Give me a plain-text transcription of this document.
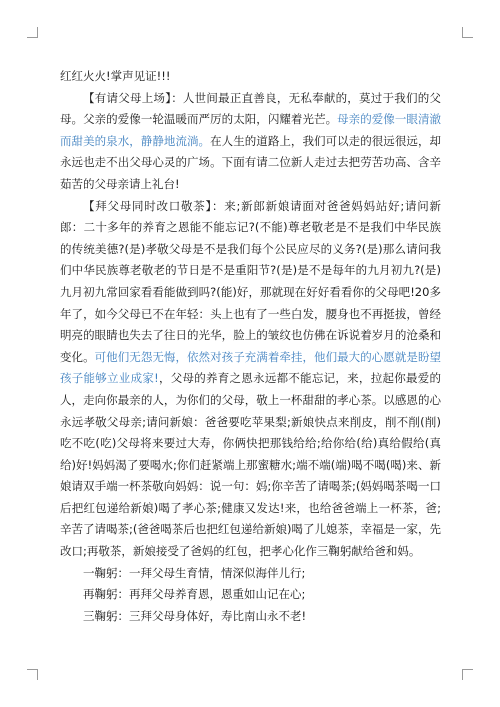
红红火火!掌声见证!!!

【有请父母上场】：人世间最正直善良，无私奉献的，莫过于我们的父母。父亲的爱像一轮温暖而严厉的太阳，闪耀着光芒。母亲的爱像一眼清澈而甜美的泉水，静静地流淌。在人生的道路上，我们可以走的很远很远，却永远也走不出父母心灵的广场。下面有请二位新人走过去把劳苦功高、含辛茹苦的父母亲请上礼台!

【拜父母同时改口敬茶】：来;新郎新娘请面对爸爸妈妈站好;请问新郎：二十多年的养育之恩能不能忘记?(不能)尊老敬老是不是我们中华民族的传统美德?(是)孝敬父母是不是我们每个公民应尽的义务?(是)那么请问我们中华民族尊老敬老的节日是不是重阳节?(是)是不是每年的九月初九?(是)九月初九常回家看看能做到吗?(能)好，那就现在好好看看你的父母吧!20多年了，如今父母已不在年轻：头上也有了一些白发，腰身也不再挺拔，曾经明亮的眼睛也失去了往日的光华，脸上的皱纹也仿佛在诉说着岁月的沧桑和变化。可他们无怨无悔，依然对孩子充满着牵挂，他们最大的心愿就是盼望孩子能够立业成家!，父母的养育之恩永远都不能忘记，来，拉起你最爱的人，走向你最亲的人，为你们的父母，敬上一杯甜甜的孝心茶。以感恩的心永远孝敬父母亲;请问新娘：爸爸要吃苹果梨;新娘快点来削皮，削不削(削)吃不吃(吃)父母将来要过大寿，你俩快把那钱给给;给你给(给)真给假给(真给)好!妈妈渴了要喝水;你们赶紧端上那蜜糖水;端不端(端)喝不喝(喝)来、新娘请双手端一杯茶敬向妈妈：说一句：妈;你辛苦了请喝茶;(妈妈喝茶喝一口后把红包递给新娘)喝了孝心茶;健康又发达!来，也给爸爸端上一杯茶，爸;辛苦了请喝茶;(爸爸喝茶后也把红包递给新娘)喝了儿媳茶，幸福是一家，先改口;再敬茶，新娘接受了爸妈的红包，把孝心化作三鞠躬献给爸和妈。

一鞠躬：一拜父母生育情，情深似海伴儿行;

再鞠躬：再拜父母养育恩，恩重如山记在心;

三鞠躬：三拜父母身体好，寿比南山永不老!
